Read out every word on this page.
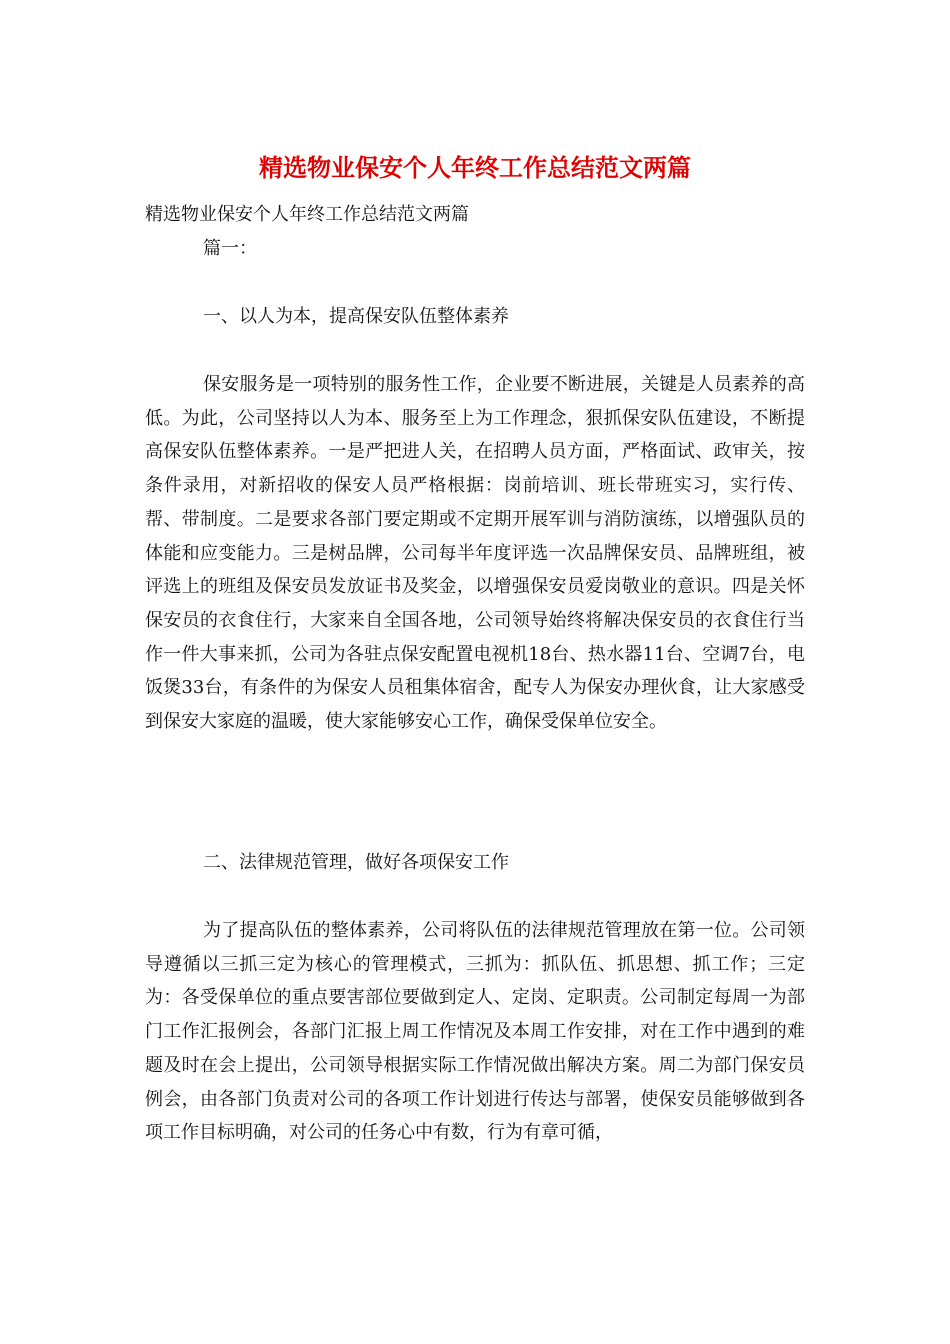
精选物业保安个人年终工作总结范文两篇
精选物业保安个人年终工作总结范文两篇
篇一：
一、以人为本，提高保安队伍整体素养

保安服务是一项特别的服务性工作，企业要不断进展，关键是人员素养的高低。为此，公司坚持以人为本、服务至上为工作理念，狠抓保安队伍建设，不断提高保安队伍整体素养。一是严把进人关，在招聘人员方面，严格面试、政审关，按条件录用，对新招收的保安人员严格根据：岗前培训、班长带班实习，实行传、帮、带制度。二是要求各部门要定期或不定期开展军训与消防演练，以增强队员的体能和应变能力。三是树品牌，公司每半年度评选一次品牌保安员、品牌班组，被评选上的班组及保安员发放证书及奖金，以增强保安员爱岗敬业的意识。四是关怀保安员的衣食住行，大家来自全国各地，公司领导始终将解决保安员的衣食住行当作一件大事来抓，公司为各驻点保安配置电视机18台、热水器11台、空调7台，电饭煲33台，有条件的为保安人员租集体宿舍，配专人为保安办理伙食，让大家感受到保安大家庭的温暖，使大家能够安心工作，确保受保单位安全。

二、法律规范管理，做好各项保安工作

为了提高队伍的整体素养，公司将队伍的法律规范管理放在第一位。公司领导遵循以三抓三定为核心的管理模式，三抓为：抓队伍、抓思想、抓工作；三定为：各受保单位的重点要害部位要做到定人、定岗、定职责。公司制定每周一为部门工作汇报例会，各部门汇报上周工作情况及本周工作安排，对在工作中遇到的难题及时在会上提出，公司领导根据实际工作情况做出解决方案。周二为部门保安员例会，由各部门负责对公司的各项工作计划进行传达与部署，使保安员能够做到各项工作目标明确，对公司的任务心中有数，行为有章可循，
